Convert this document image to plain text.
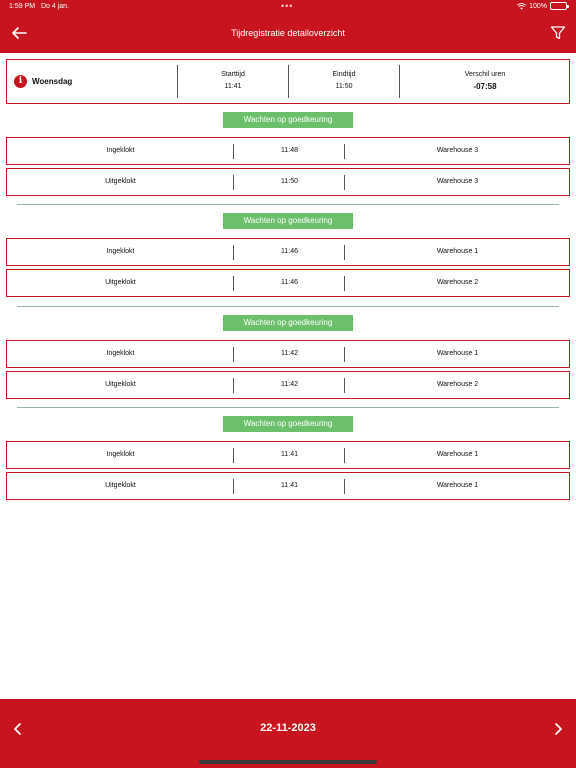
1:59 PM Do 4 jan.	•••	100%
Tijdregistratie detailoverzicht
i	Woensdag
Starttijd
11:41
Eindtijd
11:50
Verschil uren
-07:58
Wachten op goedkeuring
Ingeklokt	11:48	Warehouse 3
Uitgeklokt	11:50	Warehouse 3
Wachten op goedkeuring
Ingeklokt	11:46	Warehouse 1
Uitgeklokt	11:46	Warehouse 2
Wachten op goedkeuring
Ingeklokt	11:42	Warehouse 1
Uitgeklokt	11:42	Warehouse 2
Wachten op goedkeuring
Ingeklokt	11:41	Warehouse 1
Uitgeklokt	11:41	Warehouse 1
22-11-2023
